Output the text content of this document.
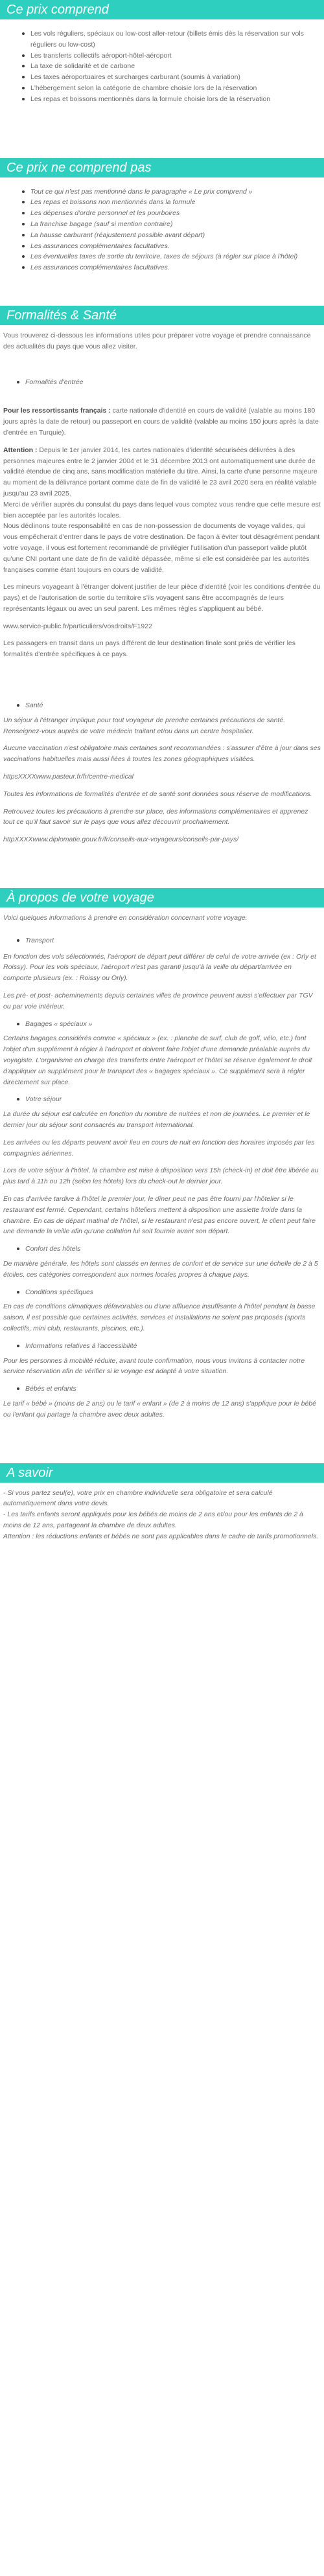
Ce prix comprend
Les vols réguliers, spéciaux ou low-cost aller-retour (billets émis dès la réservation sur vols réguliers ou low-cost)
Les transferts collectifs aéroport-hôtel-aéroport
La taxe de solidarité et de carbone
Les taxes aéroportuaires et surcharges carburant (soumis à variation)
L'hébergement selon la catégorie de chambre choisie lors de la réservation
Les repas et boissons mentionnés dans la formule choisie lors de la réservation
Ce prix ne comprend pas
Tout ce qui n'est pas mentionné dans le paragraphe « Le prix comprend »
Les repas et boissons non mentionnés dans la formule
Les dépenses d'ordre personnel et les pourboires
La franchise bagage (sauf si mention contraire)
La hausse carburant (réajustement possible avant départ)
Les assurances complémentaires facultatives.
Les éventuelles taxes de sortie du territoire, taxes de séjours (à régler sur place à l'hôtel)
Les assurances complémentaires facultatives.
Formalités & Santé

Vous trouverez ci-dessous les informations utiles pour préparer votre voyage et prendre connaissance des actualités du pays que vous allez visiter.

Formalités d'entrée

Pour les ressortissants français : carte nationale d'identité en cours de validité (valable au moins 180 jours après la date de retour) ou passeport en cours de validité (valable au moins 150 jours après la date d'entrée en Turquie).

Attention : Depuis le 1er janvier 2014, les cartes nationales d'identité sécurisées délivrées à des personnes majeures entre le 2 janvier 2004 et le 31 décembre 2013 ont automatiquement une durée de validité étendue de cinq ans, sans modification matérielle du titre. Ainsi, la carte d'une personne majeure au moment de la délivrance portant comme date de fin de validité le 23 avril 2020 sera en réalité valable jusqu'au 23 avril 2025.

Merci de vérifier auprès du consulat du pays dans lequel vous comptez vous rendre que cette mesure est bien acceptée par les autorités locales.

Nous déclinons toute responsabilité en cas de non-possession de documents de voyage valides, qui vous empêcherait d'entrer dans le pays de votre destination. De façon à éviter tout désagrément pendant votre voyage, il vous est fortement recommandé de privilégier l'utilisation d'un passeport valide plutôt qu'une CNI portant une date de fin de validité dépassée, même si elle est considérée par les autorités françaises comme étant toujours en cours de validité.

Les mineurs voyageant à l'étranger doivent justifier de leur pièce d'identité (voir les conditions d'entrée du pays) et de l'autorisation de sortie du territoire s'ils voyagent sans être accompagnés de leurs représentants légaux ou avec un seul parent. Les mêmes règles s'appliquent au bébé.

www.service-public.fr/particuliers/vosdroits/F1922

Les passagers en transit dans un pays différent de leur destination finale sont priés de vérifier les formalités d'entrée spécifiques à ce pays.

Santé

Un séjour à l'étranger implique pour tout voyageur de prendre certaines précautions de santé. Renseignez-vous auprès de votre médecin traitant et/ou dans un centre hospitalier.

Aucune vaccination n'est obligatoire mais certaines sont recommandées : s'assurer d'être à jour dans ses vaccinations habituelles mais aussi liées à toutes les zones géographiques visitées.

httpsXXXXwww.pasteur.fr/fr/centre-medical

Toutes les informations de formalités d'entrée et de santé sont données sous réserve de modifications.

Retrouvez toutes les précautions à prendre sur place, des informations complémentaires et apprenez tout ce qu'il faut savoir sur le pays que vous allez découvrir prochainement.

httpXXXXwww.diplomatie.gouv.fr/fr/conseils-aux-voyageurs/conseils-par-pays/

À propos de votre voyage

Voici quelques informations à prendre en considération concernant votre voyage.

Transport

En fonction des vols sélectionnés, l'aéroport de départ peut différer de celui de votre arrivée (ex : Orly et Roissy). Pour les vols spéciaux, l'aéroport n'est pas garanti jusqu'à la veille du départ/arrivée en comporte plusieurs (ex. : Roissy ou Orly).

Les pré- et post- acheminements depuis certaines villes de province peuvent aussi s'effectuer par TGV ou par voie intérieur.

Bagages « spéciaux »

Certains bagages considérés comme « spéciaux » (ex. : planche de surf, club de golf, vélo, etc.) font l'objet d'un supplément à régler à l'aéroport et doivent faire l'objet d'une demande préalable auprès du voyagiste. L'organisme en charge des transferts entre l'aéroport et l'hôtel se réserve également le droit d'appliquer un supplément pour le transport des « bagages spéciaux ». Ce supplément sera à régler directement sur place.

Votre séjour

La durée du séjour est calculée en fonction du nombre de nuitées et non de journées. Le premier et le dernier jour du séjour sont consacrés au transport international.

Les arrivées ou les départs peuvent avoir lieu en cours de nuit en fonction des horaires imposés par les compagnies aériennes.

Lors de votre séjour à l'hôtel, la chambre est mise à disposition vers 15h (check-in) et doit être libérée au plus tard à 11h ou 12h (selon les hôtels) lors du check-out le dernier jour.

En cas d'arrivée tardive à l'hôtel le premier jour, le dîner peut ne pas être fourni par l'hôtelier si le restaurant est fermé. Cependant, certains hôteliers mettent à disposition une assiette froide dans la chambre. En cas de départ matinal de l'hôtel, si le restaurant n'est pas encore ouvert, le client peut faire une demande la veille afin qu'une collation lui soit fournie avant son départ.

Confort des hôtels

De manière générale, les hôtels sont classés en termes de confort et de service sur une échelle de 2 à 5 étoiles, ces catégories correspondent aux normes locales propres à chaque pays.

Conditions spécifiques

En cas de conditions climatiques défavorables ou d'une affluence insuffisante à l'hôtel pendant la basse saison, il est possible que certaines activités, services et installations ne soient pas proposés (sports collectifs, mini club, restaurants, piscines, etc.).

Informations relatives à l'accessibilité

Pour les personnes à mobilité réduite, avant toute confirmation, nous vous invitons à contacter notre service réservation afin de vérifier si le voyage est adapté à votre situation.

Bébés et enfants

Le tarif « bébé » (moins de 2 ans) ou le tarif « enfant » (de 2 à moins de 12 ans) s'applique pour le bébé ou l'enfant qui partage la chambre avec deux adultes.

A savoir
- Si vous partez seul(e), votre prix en chambre individuelle sera obligatoire et sera calculé automatiquement dans votre devis.
- Les tarifs enfants seront appliqués pour les bébés de moins de 2 ans et/ou pour les enfants de 2 à moins de 12 ans, partageant la chambre de deux adultes.
Attention : les réductions enfants et bébés ne sont pas applicables dans le cadre de tarifs promotionnels.
